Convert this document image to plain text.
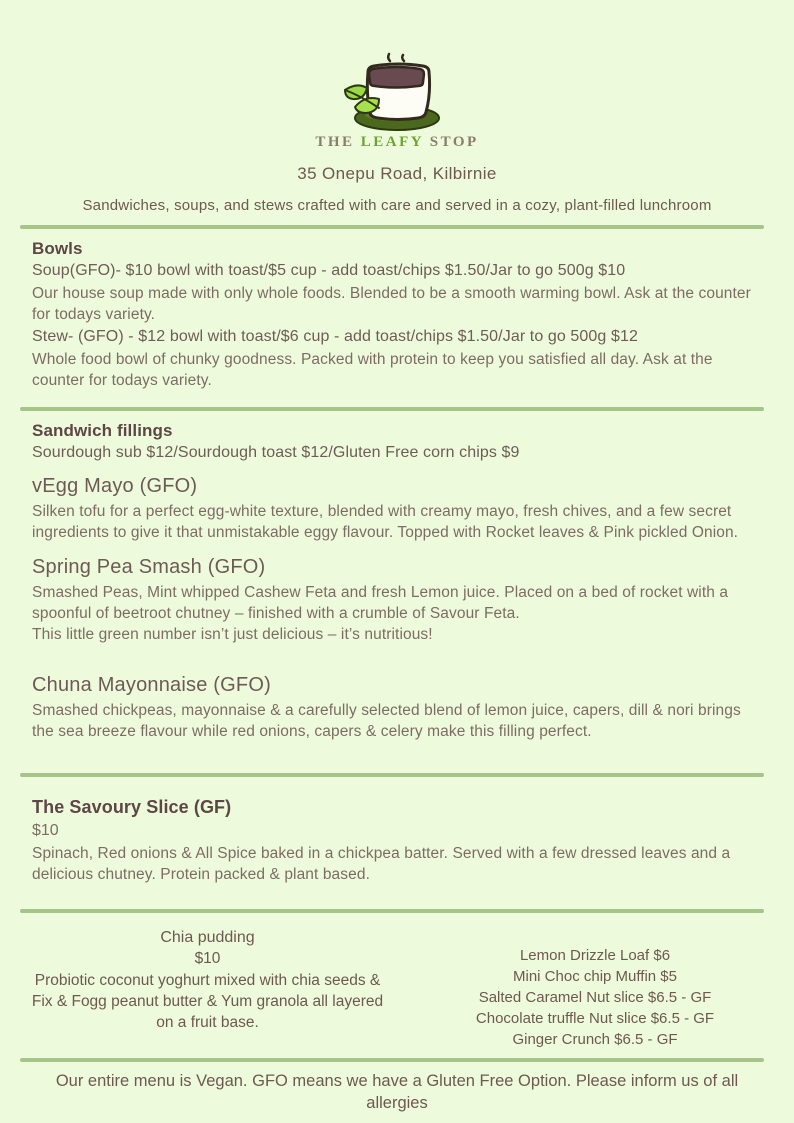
THE LEAFY STOP
35 Onepu Road, Kilbirnie
Sandwiches, soups, and stews crafted with care and served in a cozy, plant-filled lunchroom
Bowls
Soup(GFO)- $10 bowl with toast/$5 cup - add toast/chips $1.50/Jar to go 500g $10
Our house soup made with only whole foods. Blended to be a smooth warming bowl. Ask at the counter for todays variety.
Stew- (GFO) - $12 bowl with toast/$6 cup - add toast/chips $1.50/Jar to go 500g $12
Whole food bowl of chunky goodness. Packed with protein to keep you satisfied all day. Ask at the counter for todays variety.
Sandwich fillings
Sourdough sub $12/Sourdough toast $12/Gluten Free corn chips $9
vEgg Mayo (GFO)
Silken tofu for a perfect egg-white texture, blended with creamy mayo, fresh chives, and a few secret ingredients to give it that unmistakable eggy flavour. Topped with Rocket leaves & Pink pickled Onion.
Spring Pea Smash (GFO)
Smashed Peas, Mint whipped Cashew Feta and fresh Lemon juice. Placed on a bed of rocket with a spoonful of beetroot chutney – finished with a crumble of Savour Feta.
This little green number isn’t just delicious – it’s nutritious!
Chuna Mayonnaise (GFO)
Smashed chickpeas, mayonnaise & a carefully selected blend of lemon juice, capers, dill & nori brings the sea breeze flavour while red onions, capers & celery make this filling perfect.
The Savoury Slice (GF)
$10
Spinach, Red onions & All Spice baked in a chickpea batter. Served with a few dressed leaves and a delicious chutney. Protein packed & plant based.
Chia pudding
$10
Probiotic coconut yoghurt mixed with chia seeds & Fix & Fogg peanut butter & Yum granola all layered on a fruit base.
Lemon Drizzle Loaf $6
Mini Choc chip Muffin $5
Salted Caramel Nut slice $6.5 - GF
Chocolate truffle Nut slice $6.5 - GF
Ginger Crunch $6.5 - GF
Our entire menu is Vegan. GFO means we have a Gluten Free Option. Please inform us of all allergies
